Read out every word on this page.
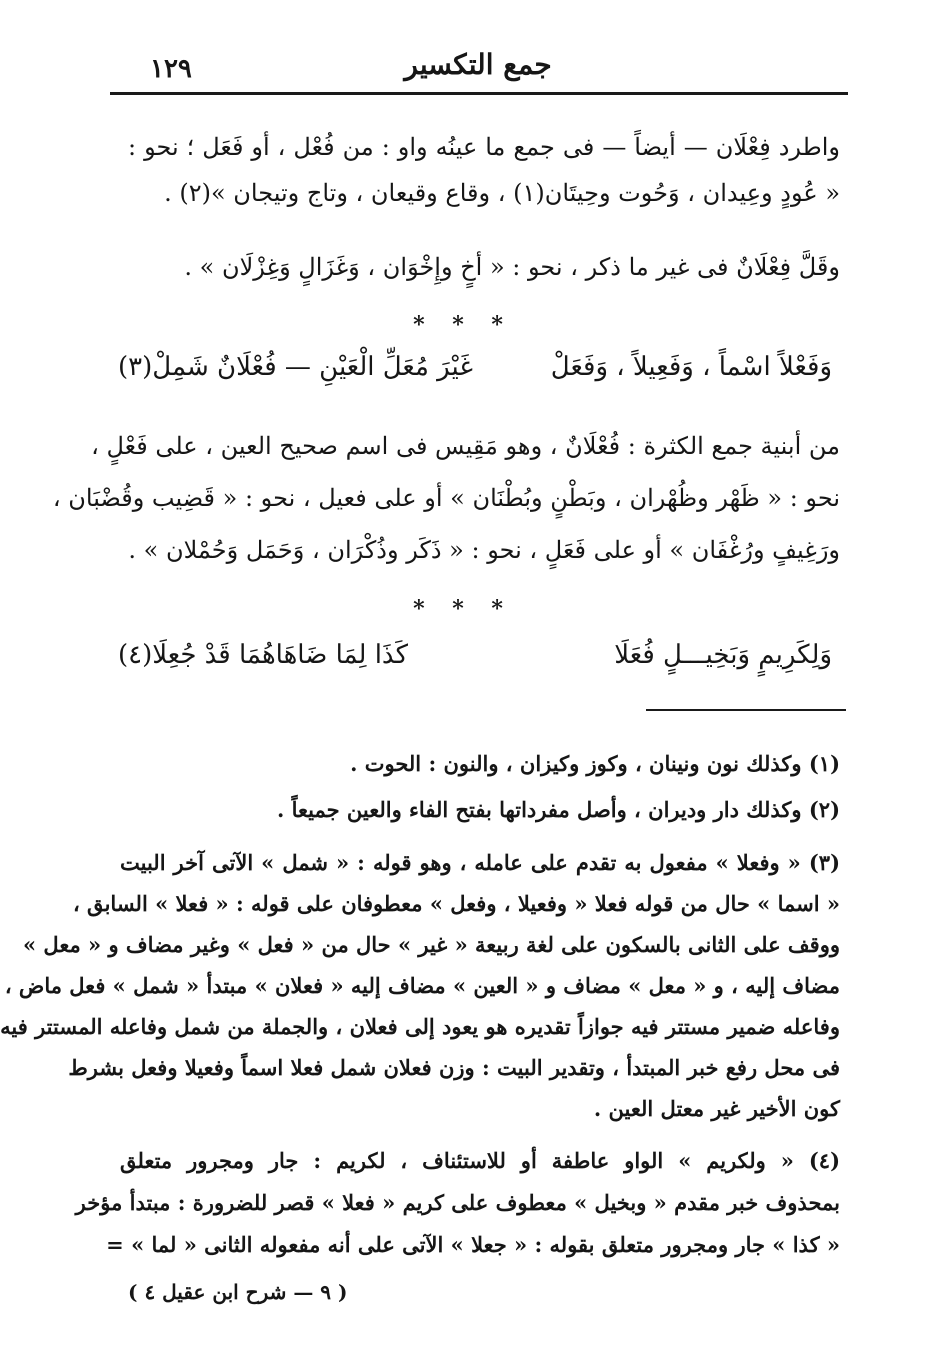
١٢٩	جمع التكسير
واطرد فِعْلَان — أيضاً — فى جمع ما عينُه واو : من فُعْل ، أو فَعَل ؛ نحو :
« عُودٍ وعِيدان ، وَحُوت وحِيتَان(١) ، وقاع وقيعان ، وتاج وتيجان »(٢) .
وقَلَّ فِعْلَانٌ فى غير ما ذكر ، نحو : « أخٍ وإِخْوَان ، وَغَزَالٍ وَغِزْلَان » .
* * *
وَفَعْلاً اسْماً ، وَفَعِيلاً ، وَفَعَلْ
غَيْرَ مُعَلِّ الْعَيْنِ — فُعْلَانٌ شَمِلْ(٣)
من أبنية جمع الكثرة : فُعْلَانٌ ، وهو مَقِيس فى اسم صحيح العين ، على فَعْلٍ ،
نحو : « ظَهْر وظُهْران ، وبَطْنٍ وبُطْنَان » أو على فعيل ، نحو : « قَضِيب وقُضْبَان ،
ورَغِيفٍ ورُغْفَان » أو على فَعَلٍ ، نحو : « ذَكَر وذُكْرَان ، وَحَمَل وَحُمْلان » .
* * *
وَلِكَرِيمٍ وَبَخِيـــلٍ فُعَلَا
كَذَا لِمَا ضَاهَاهُمَا قَدْ جُعِلَا(٤)
(١) وكذلك نون ونينان ، وكوز وكيزان ، والنون : الحوت .
(٢) وكذلك دار وديران ، وأصل مفرداتها بفتح الفاء والعين جميعاً .
(٣) « وفعلا » مفعول به تقدم على عامله ، وهو قوله : « شمل » الآتى آخر البيت
« اسما » حال من قوله فعلا « وفعيلا ، وفعل » معطوفان على قوله : « فعلا » السابق ،
ووقف على الثانى بالسكون على لغة ربيعة « غير » حال من « فعل » وغير مضاف و « معل »
مضاف إليه ، و « معل » مضاف و « العين » مضاف إليه « فعلان » مبتدأ « شمل » فعل ماض ،
وفاعله ضمير مستتر فيه جوازاً تقديره هو يعود إلى فعلان ، والجملة من شمل وفاعله المستتر فيه
فى محل رفع خبر المبتدأ ، وتقدير البيت : وزن فعلان شمل فعلا اسماً وفعيلا وفعل بشرط
كون الأخير غير معتل العين .
(٤) « ولكريم » الواو عاطفة أو للاستئناف ، لكريم : جار ومجرور متعلق
بمحذوف خبر مقدم « وبخيل » معطوف على كريم « فعلا » قصر للضرورة : مبتدأ مؤخر
« كذا » جار ومجرور متعلق بقوله : « جعلا » الآتى على أنه مفعوله الثانى « لما » =
( ٩ — شرح ابن عقيل ٤ )
